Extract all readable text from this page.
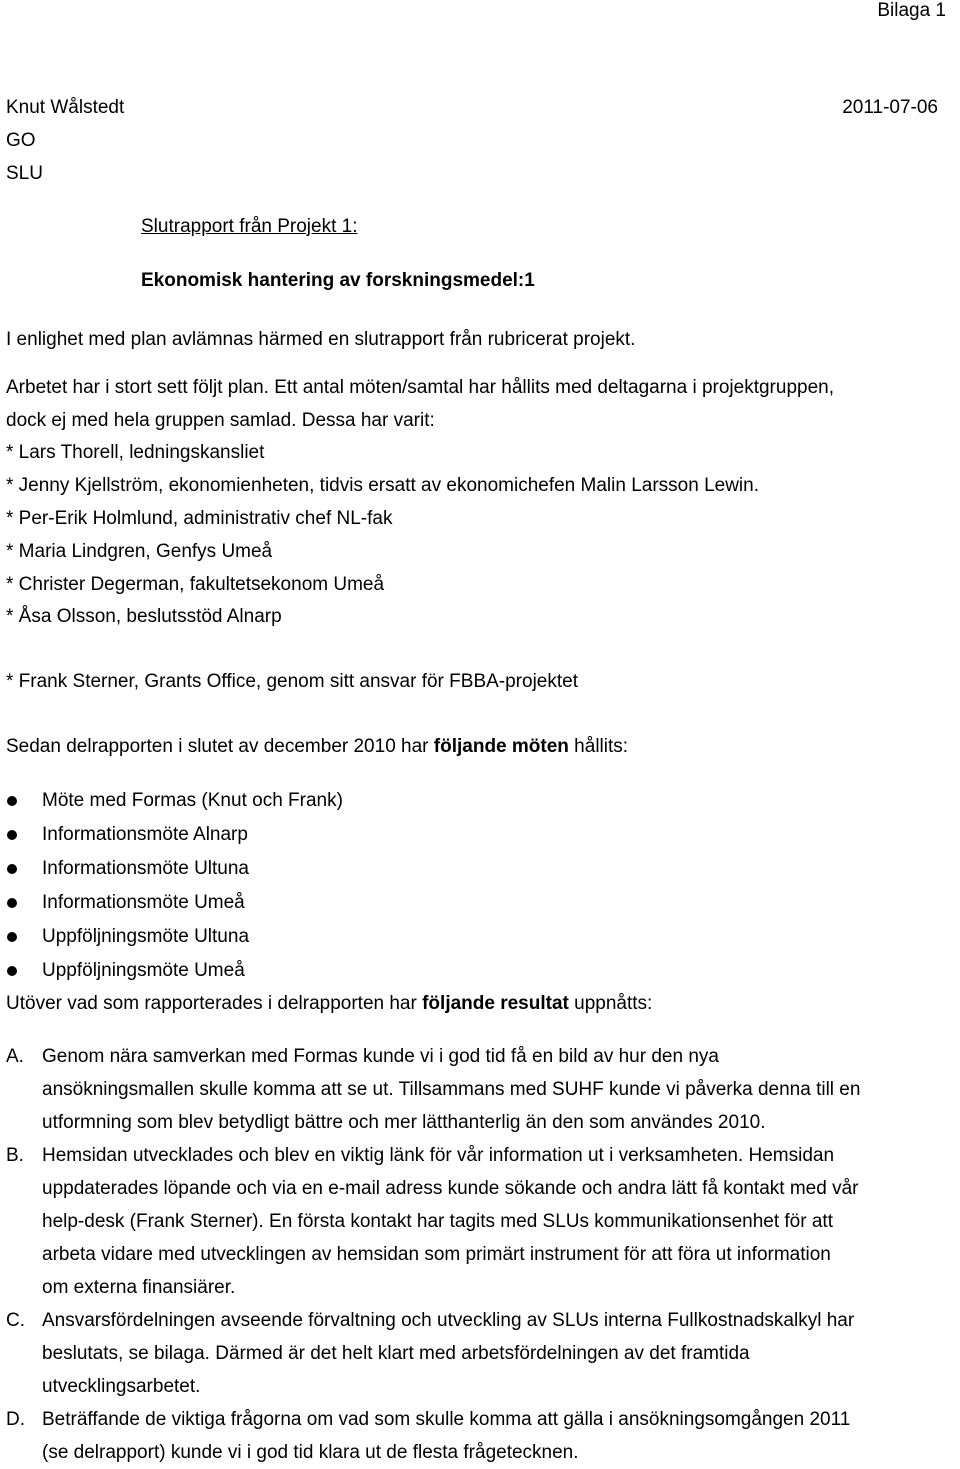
Bilaga 1
Knut Wålstedt	2011-07-06
GO
SLU
Slutrapport från Projekt 1:
Ekonomisk hantering av forskningsmedel:1
I enlighet med plan avlämnas härmed en slutrapport från rubricerat projekt.
Arbetet har i stort sett följt plan. Ett antal möten/samtal har hållits med deltagarna i projektgruppen,
dock ej med hela gruppen samlad. Dessa har varit:
* Lars Thorell, ledningskansliet
* Jenny Kjellström, ekonomienheten, tidvis ersatt av ekonomichefen Malin Larsson Lewin.
* Per-Erik Holmlund, administrativ chef NL-fak
* Maria Lindgren, Genfys Umeå
* Christer Degerman, fakultetsekonom Umeå
* Åsa Olsson, beslutsstöd Alnarp
* Frank Sterner, Grants Office, genom sitt ansvar för FBBA-projektet
Sedan delrapporten i slutet av december 2010 har följande möten hållits:
Möte med Formas (Knut och Frank)
Informationsmöte Alnarp
Informationsmöte Ultuna
Informationsmöte Umeå
Uppföljningsmöte Ultuna
Uppföljningsmöte Umeå
Utöver vad som rapporterades i delrapporten har följande resultat uppnåtts:
A. Genom nära samverkan med Formas kunde vi i god tid få en bild av hur den nya
ansökningsmallen skulle komma att se ut. Tillsammans med SUHF kunde vi påverka denna till en
utformning som blev betydligt bättre och mer lätthanterlig än den som användes 2010.
B. Hemsidan utvecklades och blev en viktig länk för vår information ut i verksamheten. Hemsidan
uppdaterades löpande och via en e-mail adress kunde sökande och andra lätt få kontakt med vår
help-desk (Frank Sterner). En första kontakt har tagits med SLUs kommunikationsenhet för att
arbeta vidare med utvecklingen av hemsidan som primärt instrument för att föra ut information
om externa finansiärer.
C. Ansvarsfördelningen avseende förvaltning och utveckling av SLUs interna Fullkostnadskalkyl har
beslutats, se bilaga. Därmed är det helt klart med arbetsfördelningen av det framtida
utvecklingsarbetet.
D. Beträffande de viktiga frågorna om vad som skulle komma att gälla i ansökningsomgången 2011
(se delrapport) kunde vi i god tid klara ut de flesta frågetecknen.
